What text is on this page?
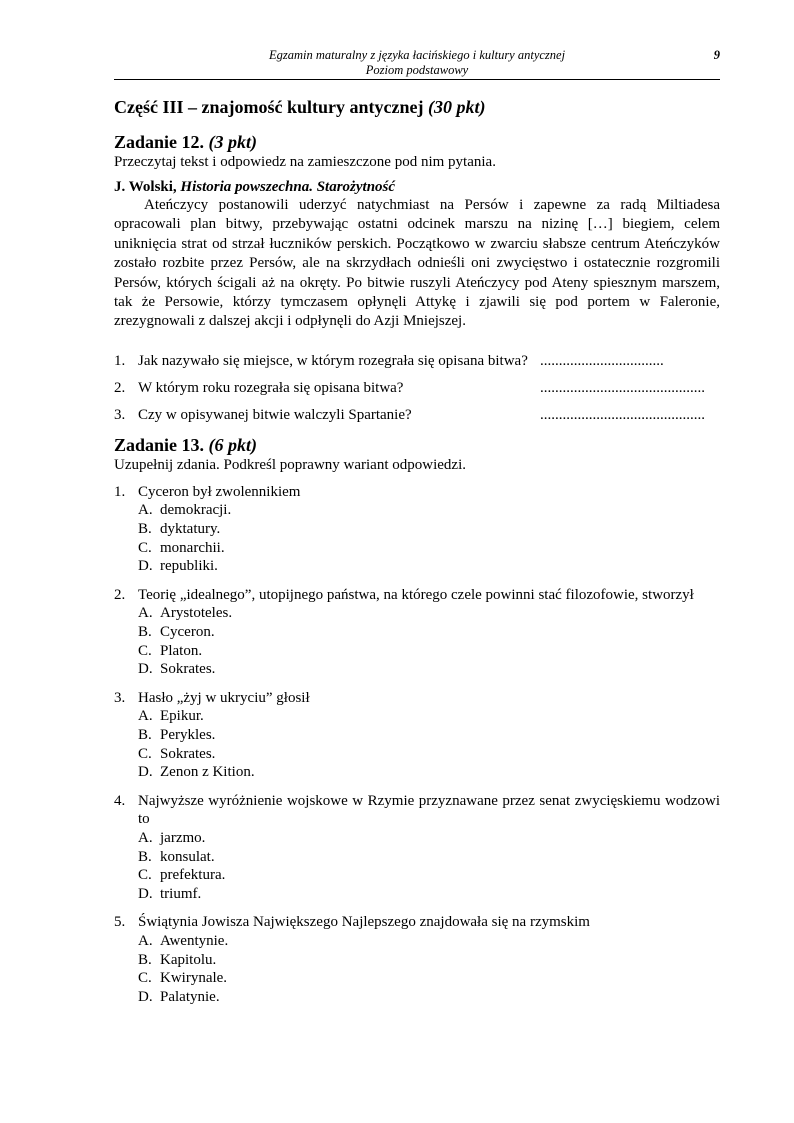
Egzamin maturalny z języka łacińskiego i kultury antycznej
Poziom podstawowy
9
Część III – znajomość kultury antycznej (30 pkt)
Zadanie 12. (3 pkt)

Przeczytaj tekst i odpowiedz na zamieszczone pod nim pytania.

J. Wolski, Historia powszechna. Starożytność

Ateńczycy postanowili uderzyć natychmiast na Persów i zapewne za radą Miltiadesa opracowali plan bitwy, przebywając ostatni odcinek marszu na nizinę […] biegiem, celem uniknięcia strat od strzał łuczników perskich. Początkowo w zwarciu słabsze centrum Ateńczyków zostało rozbite przez Persów, ale na skrzydłach odnieśli oni zwycięstwo i ostatecznie rozgromili Persów, których ścigali aż na okręty. Po bitwie ruszyli Ateńczycy pod Ateny spiesznym marszem, tak że Persowie, którzy tymczasem opłynęli Attykę i zjawili się pod portem w Faleronie, zrezygnowali z dalszej akcji i odpłynęli do Azji Mniejszej.

1. Jak nazywało się miejsce, w którym rozegrała się opisana bitwa? .................................
2. W którym roku rozegrała się opisana bitwa?	............................................
3. Czy w opisywanej bitwie walczyli Spartanie?	............................................
Zadanie 13. (6 pkt)

Uzupełnij zdania. Podkreśl poprawny wariant odpowiedzi.

1. Cyceron był zwolennikiem
A. demokracji.
B. dyktatury.
C. monarchii.
D. republiki.
2. Teorię „idealnego”, utopijnego państwa, na którego czele powinni stać filozofowie, stworzył
A. Arystoteles.
B. Cyceron.
C. Platon.
D. Sokrates.
3. Hasło „żyj w ukryciu” głosił
A. Epikur.
B. Perykles.
C. Sokrates.
D. Zenon z Kition.
4. Najwyższe wyróżnienie wojskowe w Rzymie przyznawane przez senat zwycięskiemu wodzowi to
A. jarzmo.
B. konsulat.
C. prefektura.
D. triumf.
5. Świątynia Jowisza Największego Najlepszego znajdowała się na rzymskim
A. Awentynie.
B. Kapitolu.
C. Kwirynale.
D. Palatynie.
